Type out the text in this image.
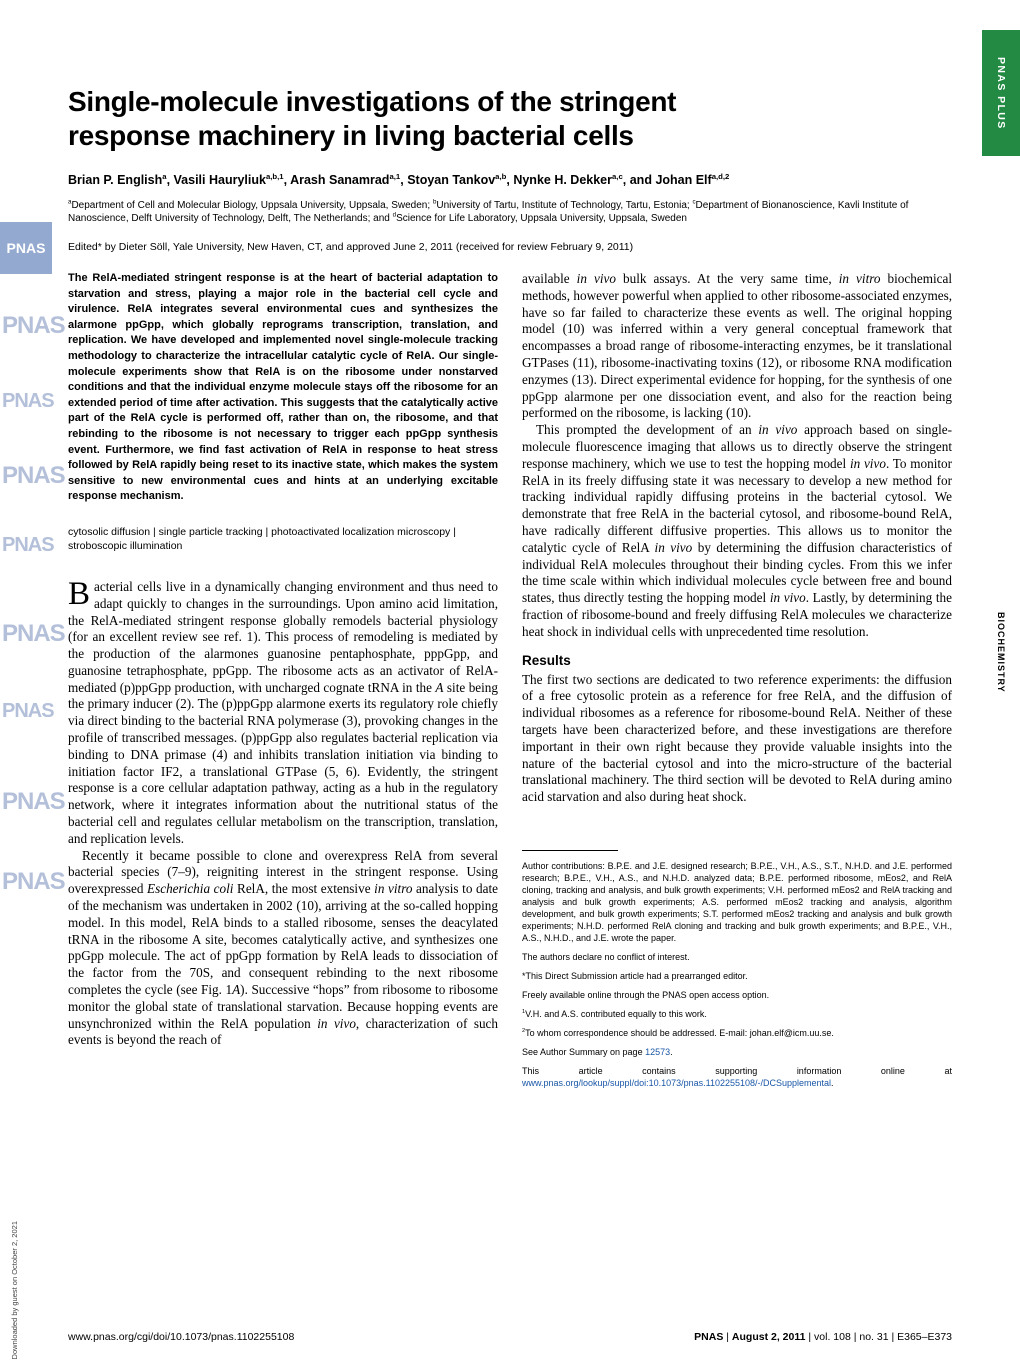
PNAS
PNAS
PNAS
PNAS
PNAS
PNAS
PNAS
PNAS
PNAS
PNAS PLUS
BIOCHEMISTRY
Downloaded by guest on October 2, 2021
Single-molecule investigations of the stringent response machinery in living bacterial cells

Brian P. English$^a$, Vasili Hauryliuk$^{a,b,1}$, Arash Sanamrad$^{a,1}$, Stoyan Tankov$^{a,b}$, Nynke H. Dekker$^{a,c}$, and Johan Elf$^{a,d,2}$

$^a$Department of Cell and Molecular Biology, Uppsala University, Uppsala, Sweden; $^b$University of Tartu, Institute of Technology, Tartu, Estonia; $^c$Department of Bionanoscience, Kavli Institute of Nanoscience, Delft University of Technology, Delft, The Netherlands; and $^d$Science for Life Laboratory, Uppsala University, Uppsala, Sweden

Edited* by Dieter Söll, Yale University, New Haven, CT, and approved June 2, 2011 (received for review February 9, 2011)

The RelA-mediated stringent response is at the heart of bacterial adaptation to starvation and stress, playing a major role in the bacterial cell cycle and virulence. RelA integrates several environmental cues and synthesizes the alarmone ppGpp, which globally reprograms transcription, translation, and replication. We have developed and implemented novel single-molecule tracking methodology to characterize the intracellular catalytic cycle of RelA. Our single-molecule experiments show that RelA is on the ribosome under nonstarved conditions and that the individual enzyme molecule stays off the ribosome for an extended period of time after activation. This suggests that the catalytically active part of the RelA cycle is performed off, rather than on, the ribosome, and that rebinding to the ribosome is not necessary to trigger each ppGpp synthesis event. Furthermore, we find fast activation of RelA in response to heat stress followed by RelA rapidly being reset to its inactive state, which makes the system sensitive to new environmental cues and hints at an underlying excitable response mechanism.

cytosolic diffusion | single particle tracking | photoactivated localization microscopy | stroboscopic illumination

Bacterial cells live in a dynamically changing environment and thus need to adapt quickly to changes in the surroundings. Upon amino acid limitation, the RelA-mediated stringent response globally remodels bacterial physiology (for an excellent review see ref. 1). This process of remodeling is mediated by the production of the alarmones guanosine pentaphosphate, pppGpp, and guanosine tetraphosphate, ppGpp. The ribosome acts as an activator of RelA-mediated (p)ppGpp production, with uncharged cognate tRNA in the A site being the primary inducer (2). The (p)ppGpp alarmone exerts its regulatory role chiefly via direct binding to the bacterial RNA polymerase (3), provoking changes in the profile of transcribed messages. (p)ppGpp also regulates bacterial replication via binding to DNA primase (4) and inhibits translation initiation via binding to initiation factor IF2, a translational GTPase (5, 6). Evidently, the stringent response is a core cellular adaptation pathway, acting as a hub in the regulatory network, where it integrates information about the nutritional status of the bacterial cell and regulates cellular metabolism on the transcription, translation, and replication levels.

Recently it became possible to clone and overexpress RelA from several bacterial species (7–9), reigniting interest in the stringent response. Using overexpressed Escherichia coli RelA, the most extensive in vitro analysis to date of the mechanism was undertaken in 2002 (10), arriving at the so-called hopping model. In this model, RelA binds to a stalled ribosome, senses the deacylated tRNA in the ribosome A site, becomes catalytically active, and synthesizes one ppGpp molecule. The act of ppGpp formation by RelA leads to dissociation of the factor from the 70S, and consequent rebinding to the next ribosome completes the cycle (see Fig. 1A). Successive “hops” from ribosome to ribosome monitor the global state of translational starvation. Because hopping events are unsynchronized within the RelA population in vivo, characterization of such events is beyond the reach of

available in vivo bulk assays. At the very same time, in vitro biochemical methods, however powerful when applied to other ribosome-associated enzymes, have so far failed to characterize these events as well. The original hopping model (10) was inferred within a very general conceptual framework that encompasses a broad range of ribosome-interacting enzymes, be it translational GTPases (11), ribosome-inactivating toxins (12), or ribosome RNA modification enzymes (13). Direct experimental evidence for hopping, for the synthesis of one ppGpp alarmone per one dissociation event, and also for the reaction being performed on the ribosome, is lacking (10).

This prompted the development of an in vivo approach based on single-molecule fluorescence imaging that allows us to directly observe the stringent response machinery, which we use to test the hopping model in vivo. To monitor RelA in its freely diffusing state it was necessary to develop a new method for tracking individual rapidly diffusing proteins in the bacterial cytosol. We demonstrate that free RelA in the bacterial cytosol, and ribosome-bound RelA, have radically different diffusive properties. This allows us to monitor the catalytic cycle of RelA in vivo by determining the diffusion characteristics of individual RelA molecules throughout their binding cycles. From this we infer the time scale within which individual molecules cycle between free and bound states, thus directly testing the hopping model in vivo. Lastly, by determining the fraction of ribosome-bound and freely diffusing RelA molecules we characterize heat shock in individual cells with unprecedented time resolution.

Results

The first two sections are dedicated to two reference experiments: the diffusion of a free cytosolic protein as a reference for free RelA, and the diffusion of individual ribosomes as a reference for ribosome-bound RelA. Neither of these targets have been characterized before, and these investigations are therefore important in their own right because they provide valuable insights into the nature of the bacterial cytosol and into the micro-structure of the bacterial translational machinery. The third section will be devoted to RelA during amino acid starvation and also during heat shock.

Author contributions: B.P.E. and J.E. designed research; B.P.E., V.H., A.S., S.T., N.H.D. and J.E. performed research; B.P.E., V.H., A.S., and N.H.D. analyzed data; B.P.E. performed ribosome, mEos2, and RelA cloning, tracking and analysis, and bulk growth experiments; V.H. performed mEos2 and RelA tracking and analysis and bulk growth experiments; A.S. performed mEos2 tracking and analysis, algorithm development, and bulk growth experiments; S.T. performed mEos2 tracking and analysis and bulk growth experiments; N.H.D. performed RelA cloning and tracking and bulk growth experiments; and B.P.E., V.H., A.S., N.H.D., and J.E. wrote the paper.

The authors declare no conflict of interest.

*This Direct Submission article had a prearranged editor.

Freely available online through the PNAS open access option.

$^1$V.H. and A.S. contributed equally to this work.

$^2$To whom correspondence should be addressed. E-mail: johan.elf@icm.uu.se.

See Author Summary on page 12573.

This article contains supporting information online at www.pnas.org/lookup/suppl/doi:10.1073/pnas.1102255108/-/DCSupplemental.

www.pnas.org/cgi/doi/10.1073/pnas.1102255108	PNAS | August 2, 2011 | vol. 108 | no. 31 | E365–E373
